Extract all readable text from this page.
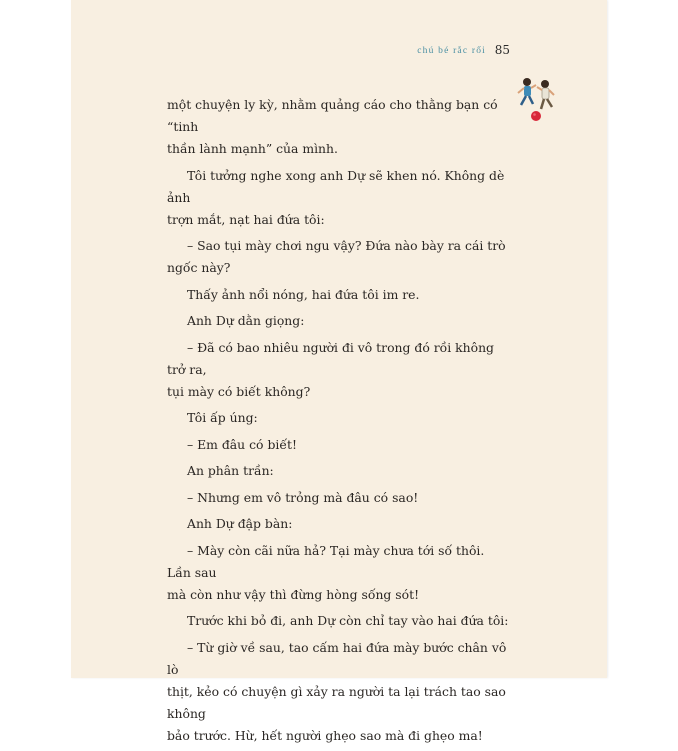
chú bé rắc rối 85

một chuyện ly kỳ, nhằm quảng cáo cho thằng bạn có “tinh
thần lành mạnh” của mình.

Tôi tưởng nghe xong anh Dự sẽ khen nó. Không dè ảnh
trợn mắt, nạt hai đứa tôi:

– Sao tụi mày chơi ngu vậy? Đứa nào bày ra cái trò
ngốc này?

Thấy ảnh nổi nóng, hai đứa tôi im re.

Anh Dự dằn giọng:

– Đã có bao nhiêu người đi vô trong đó rồi không trở ra,
tụi mày có biết không?

Tôi ấp úng:

– Em đâu có biết!

An phân trần:

– Nhưng em vô trỏng mà đâu có sao!

Anh Dự đập bàn:

– Mày còn cãi nữa hả? Tại mày chưa tới số thôi. Lần sau
mà còn như vậy thì đừng hòng sống sót!

Trước khi bỏ đi, anh Dự còn chỉ tay vào hai đứa tôi:

– Từ giờ về sau, tao cấm hai đứa mày bước chân vô lò
thịt, kẻo có chuyện gì xảy ra người ta lại trách tao sao không
bảo trước. Hừ, hết người ghẹo sao mà đi ghẹo ma!
